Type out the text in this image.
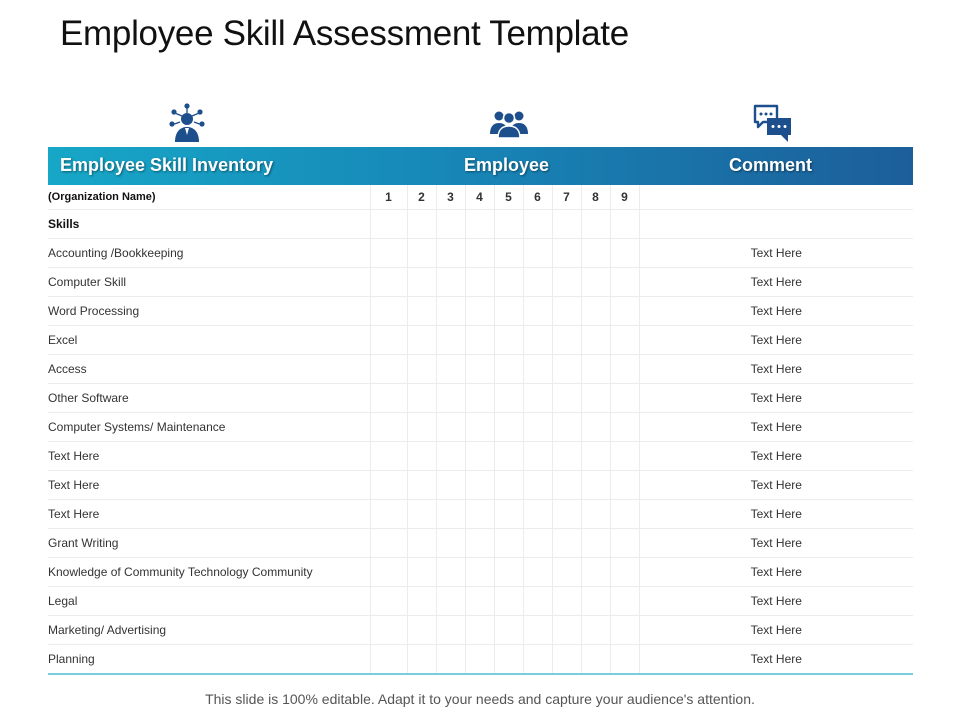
Employee Skill Assessment Template
Employee Skill Inventory	Employee	Comment
(Organization Name)	1	2	3	4	5	6	7	8	9	
Skills										
Accounting /Bookkeeping										Text Here
Computer Skill										Text Here
Word Processing										Text Here
Excel										Text Here
Access										Text Here
Other Software										Text Here
Computer Systems/ Maintenance										Text Here
Text Here										Text Here
Text Here										Text Here
Text Here										Text Here
Grant Writing										Text Here
Knowledge of Community Technology Community										Text Here
Legal										Text Here
Marketing/ Advertising										Text Here
Planning										Text Here
This slide is 100% editable. Adapt it to your needs and capture your audience's attention.
